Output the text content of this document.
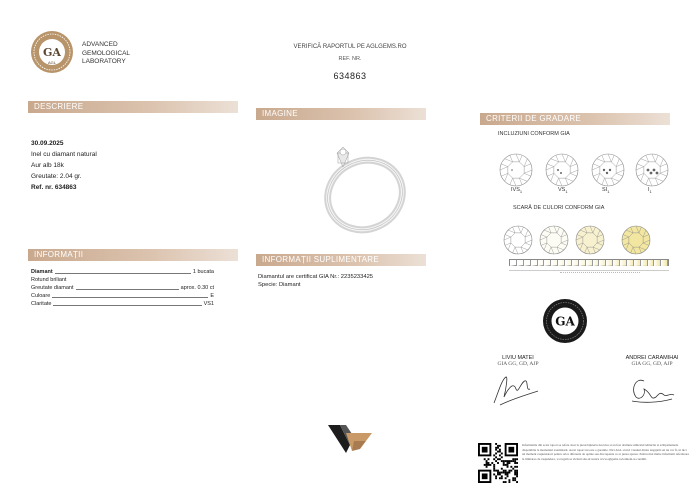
GA
AGL
ADVANCED
GEMOLOGICAL
LABORATORY
VERIFICĂ RAPORTUL PE AGLGEMS.RO
REF. NR.
634863
DESCRIERE
30.09.2025
Inel cu diamant natural
Aur alb 18k
Greutate: 2.04 gr.
Ref. nr. 634863
IMAGINE
CRITERII DE GRADARE
INCLUZIUNI CONFORM GIA
$IVS_1$	$VS_1$	$SI_1$	$I_1$
SCARĂ DE CULORI CONFORM GIA
GA
INFORMAȚII
Diamant	1 bucata
Rotund briliant
Greutate diamant	aprox. 0.30 ct
Culoare	E
Claritate	VS1
INFORMAȚII SUPLIMENTARE
Diamantul are certificat GIA Nr.: 2235233425
Specie: Diamant
LIVIU MATEI
GIA GG, GD, AJP
ANDREI CARAMIHAI
GIA GG, GD, AJP
Informatiile din acest raport se refera doar la piesa/bijuteria descrisa si au fost obtinute utilizand tehnicile si echipamentele disponibile la momentul examinarii. Acest raport nu este o garantie. Nici AGL si nici vreunul dintre angajatii sai nu vor fi, in nici un moment raspunzatori pentru orice diferenta de opinie sau discrepanta ce ar putea aparea. Pentru mai multe informatii referitoare la limitarea de raspundere, va rugam sa vizitati site-ul nostru www.aglgems.ro/termeni-si-conditii.
